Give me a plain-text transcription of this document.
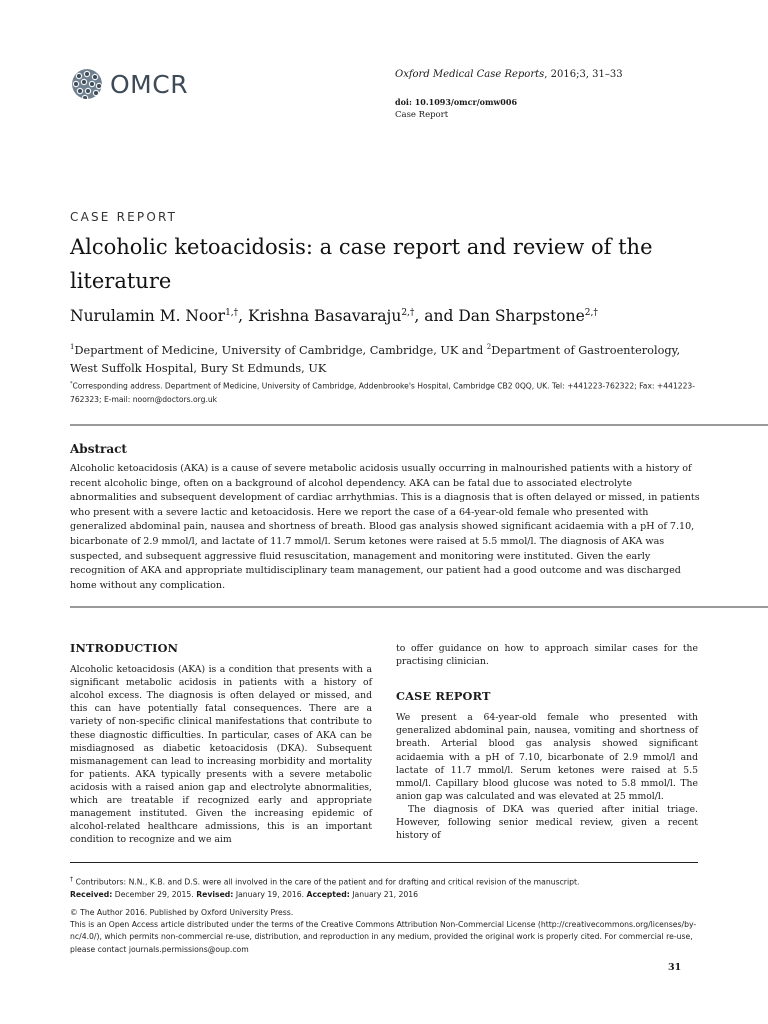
OMCR	Oxford Medical Case Reports, 2016;3, 31–33
doi: 10.1093/omcr/omw006
Case Report
CASE REPORT
Alcoholic ketoacidosis: a case report and review of the literature
Nurulamin M. Noor$^{1,\dagger}$, Krishna Basavaraju$^{2,\dagger}$, and Dan Sharpstone$^{2,\dagger}$
$^1$Department of Medicine, University of Cambridge, Cambridge, UK and $^2$Department of Gastroenterology, West Suffolk Hospital, Bury St Edmunds, UK
*Corresponding address. Department of Medicine, University of Cambridge, Addenbrooke's Hospital, Cambridge CB2 0QQ, UK. Tel: +441223-762322; Fax: +441223-762323; E-mail: noorn@doctors.org.uk
Abstract

Alcoholic ketoacidosis (AKA) is a cause of severe metabolic acidosis usually occurring in malnourished patients with a history of recent alcoholic binge, often on a background of alcohol dependency. AKA can be fatal due to associated electrolyte abnormalities and subsequent development of cardiac arrhythmias. This is a diagnosis that is often delayed or missed, in patients who present with a severe lactic and ketoacidosis. Here we report the case of a 64-year-old female who presented with generalized abdominal pain, nausea and shortness of breath. Blood gas analysis showed significant acidaemia with a pH of 7.10, bicarbonate of 2.9 mmol/l, and lactate of 11.7 mmol/l. Serum ketones were raised at 5.5 mmol/l. The diagnosis of AKA was suspected, and subsequent aggressive fluid resuscitation, management and monitoring were instituted. Given the early recognition of AKA and appropriate multidisciplinary team management, our patient had a good outcome and was discharged home without any complication.

INTRODUCTION

Alcoholic ketoacidosis (AKA) is a condition that presents with a significant metabolic acidosis in patients with a history of alcohol excess. The diagnosis is often delayed or missed, and this can have potentially fatal consequences. There are a variety of non-specific clinical manifestations that contribute to these diagnostic difficulties. In particular, cases of AKA can be misdiagnosed as diabetic ketoacidosis (DKA). Subsequent mismanagement can lead to increasing morbidity and mortality for patients. AKA typically presents with a severe metabolic acidosis with a raised anion gap and electrolyte abnormalities, which are treatable if recognized early and appropriate management instituted. Given the increasing epidemic of alcohol-related healthcare admissions, this is an important condition to recognize and we aim

to offer guidance on how to approach similar cases for the practising clinician.

CASE REPORT

We present a 64-year-old female who presented with generalized abdominal pain, nausea, vomiting and shortness of breath. Arterial blood gas analysis showed significant acidaemia with a pH of 7.10, bicarbonate of 2.9 mmol/l and lactate of 11.7 mmol/l. Serum ketones were raised at 5.5 mmol/l. Capillary blood glucose was noted to 5.8 mmol/l. The anion gap was calculated and was elevated at 25 mmol/l.

The diagnosis of DKA was queried after initial triage. However, following senior medical review, given a recent history of

† Contributors: N.N., K.B. and D.S. were all involved in the care of the patient and for drafting and critical revision of the manuscript.

Received: December 29, 2015. Revised: January 19, 2016. Accepted: January 21, 2016

© The Author 2016. Published by Oxford University Press.

This is an Open Access article distributed under the terms of the Creative Commons Attribution Non-Commercial License (http://creativecommons.org/licenses/by-nc/4.0/), which permits non-commercial re-use, distribution, and reproduction in any medium, provided the original work is properly cited. For commercial re-use, please contact journals.permissions@oup.com

31
